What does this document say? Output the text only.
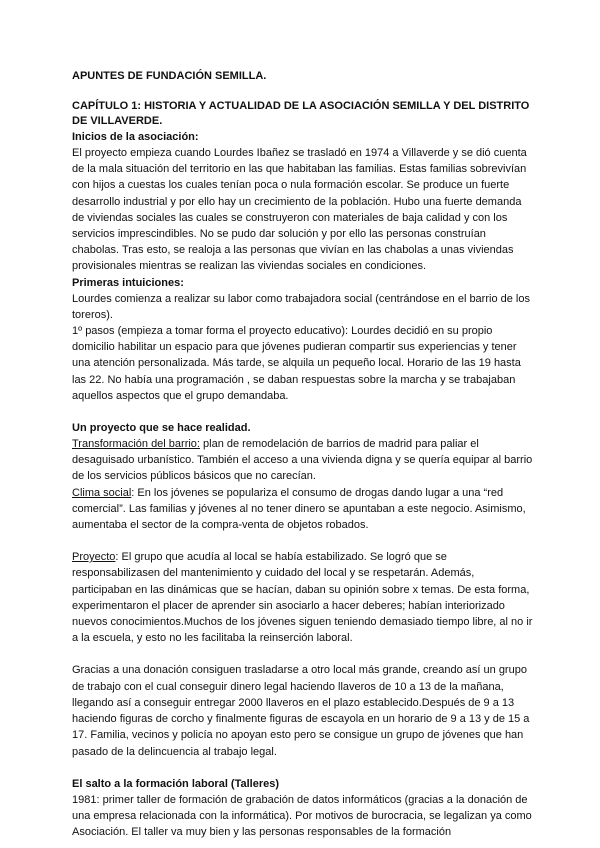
APUNTES DE FUNDACIÓN SEMILLA.
CAPÍTULO 1: HISTORIA Y ACTUALIDAD DE LA ASOCIACIÓN SEMILLA Y DEL DISTRITO DE VILLAVERDE.
Inicios de la asociación:

El proyecto empieza cuando Lourdes Ibañez se trasladó en 1974 a Villaverde y se dió cuenta de la mala situación del territorio en las que habitaban las familias. Estas familias sobrevivían con hijos a cuestas los cuales tenían poca o nula formación escolar. Se produce un fuerte desarrollo industrial y por ello hay un crecimiento de la población. Hubo una fuerte demanda de viviendas sociales las cuales se construyeron con materiales de baja calidad y con los servicios imprescindibles. No se pudo dar solución y por ello las personas construían chabolas. Tras esto, se realoja a las personas que vivían en las chabolas a unas viviendas provisionales mientras se realizan las viviendas sociales en condiciones.

Primeras intuiciones:

Lourdes comienza a realizar su labor como trabajadora social (centrándose en el barrio de los toreros).

1º pasos (empieza a tomar forma el proyecto educativo): Lourdes decidió en su propio domicilio habilitar un espacio para que jóvenes pudieran compartir sus experiencias y tener una atención personalizada. Más tarde, se alquila un pequeño local. Horario de las 19 hasta las 22. No había una programación , se daban respuestas sobre la marcha y se trabajaban aquellos aspectos que el grupo demandaba.

Un proyecto que se hace realidad.

Transformación del barrio: plan de remodelación de barrios de madrid para paliar el desaguisado urbanístico. También el acceso a una vivienda digna y se quería equipar al barrio de los servicios públicos básicos que no carecían.

Clima social: En los jóvenes se populariza el consumo de drogas dando lugar a una “red comercial”. Las familias y jóvenes al no tener dinero se apuntaban a este negocio. Asimismo, aumentaba el sector de la compra-venta de objetos robados.

Proyecto: El grupo que acudía al local se había estabilizado. Se logró que se responsabilizasen del mantenimiento y cuidado del local y se respetarán. Además, participaban en las dinámicas que se hacían, daban su opinión sobre x temas. De esta forma, experimentaron el placer de aprender sin asociarlo a hacer deberes; habían interiorizado nuevos conocimientos.Muchos de los jóvenes siguen teniendo demasiado tiempo libre, al no ir a la escuela, y esto no les facilitaba la reinserción laboral.

Gracias a una donación consiguen trasladarse a otro local más grande, creando así un grupo de trabajo con el cual conseguir dinero legal haciendo llaveros de 10 a 13 de la mañana, llegando así a conseguir entregar 2000 llaveros en el plazo establecido.Después de 9 a 13 haciendo figuras de corcho y finalmente figuras de escayola en un horario de 9 a 13 y de 15 a 17. Familia, vecinos y policía no apoyan esto pero se consigue un grupo de jóvenes que han pasado de la delincuencia al trabajo legal.

El salto a la formación laboral (Talleres)

1981: primer taller de formación de grabación de datos informáticos (gracias a la donación de una empresa relacionada con la informática). Por motivos de burocracia, se legalizan ya como Asociación. El taller va muy bien y las personas responsables de la formación
